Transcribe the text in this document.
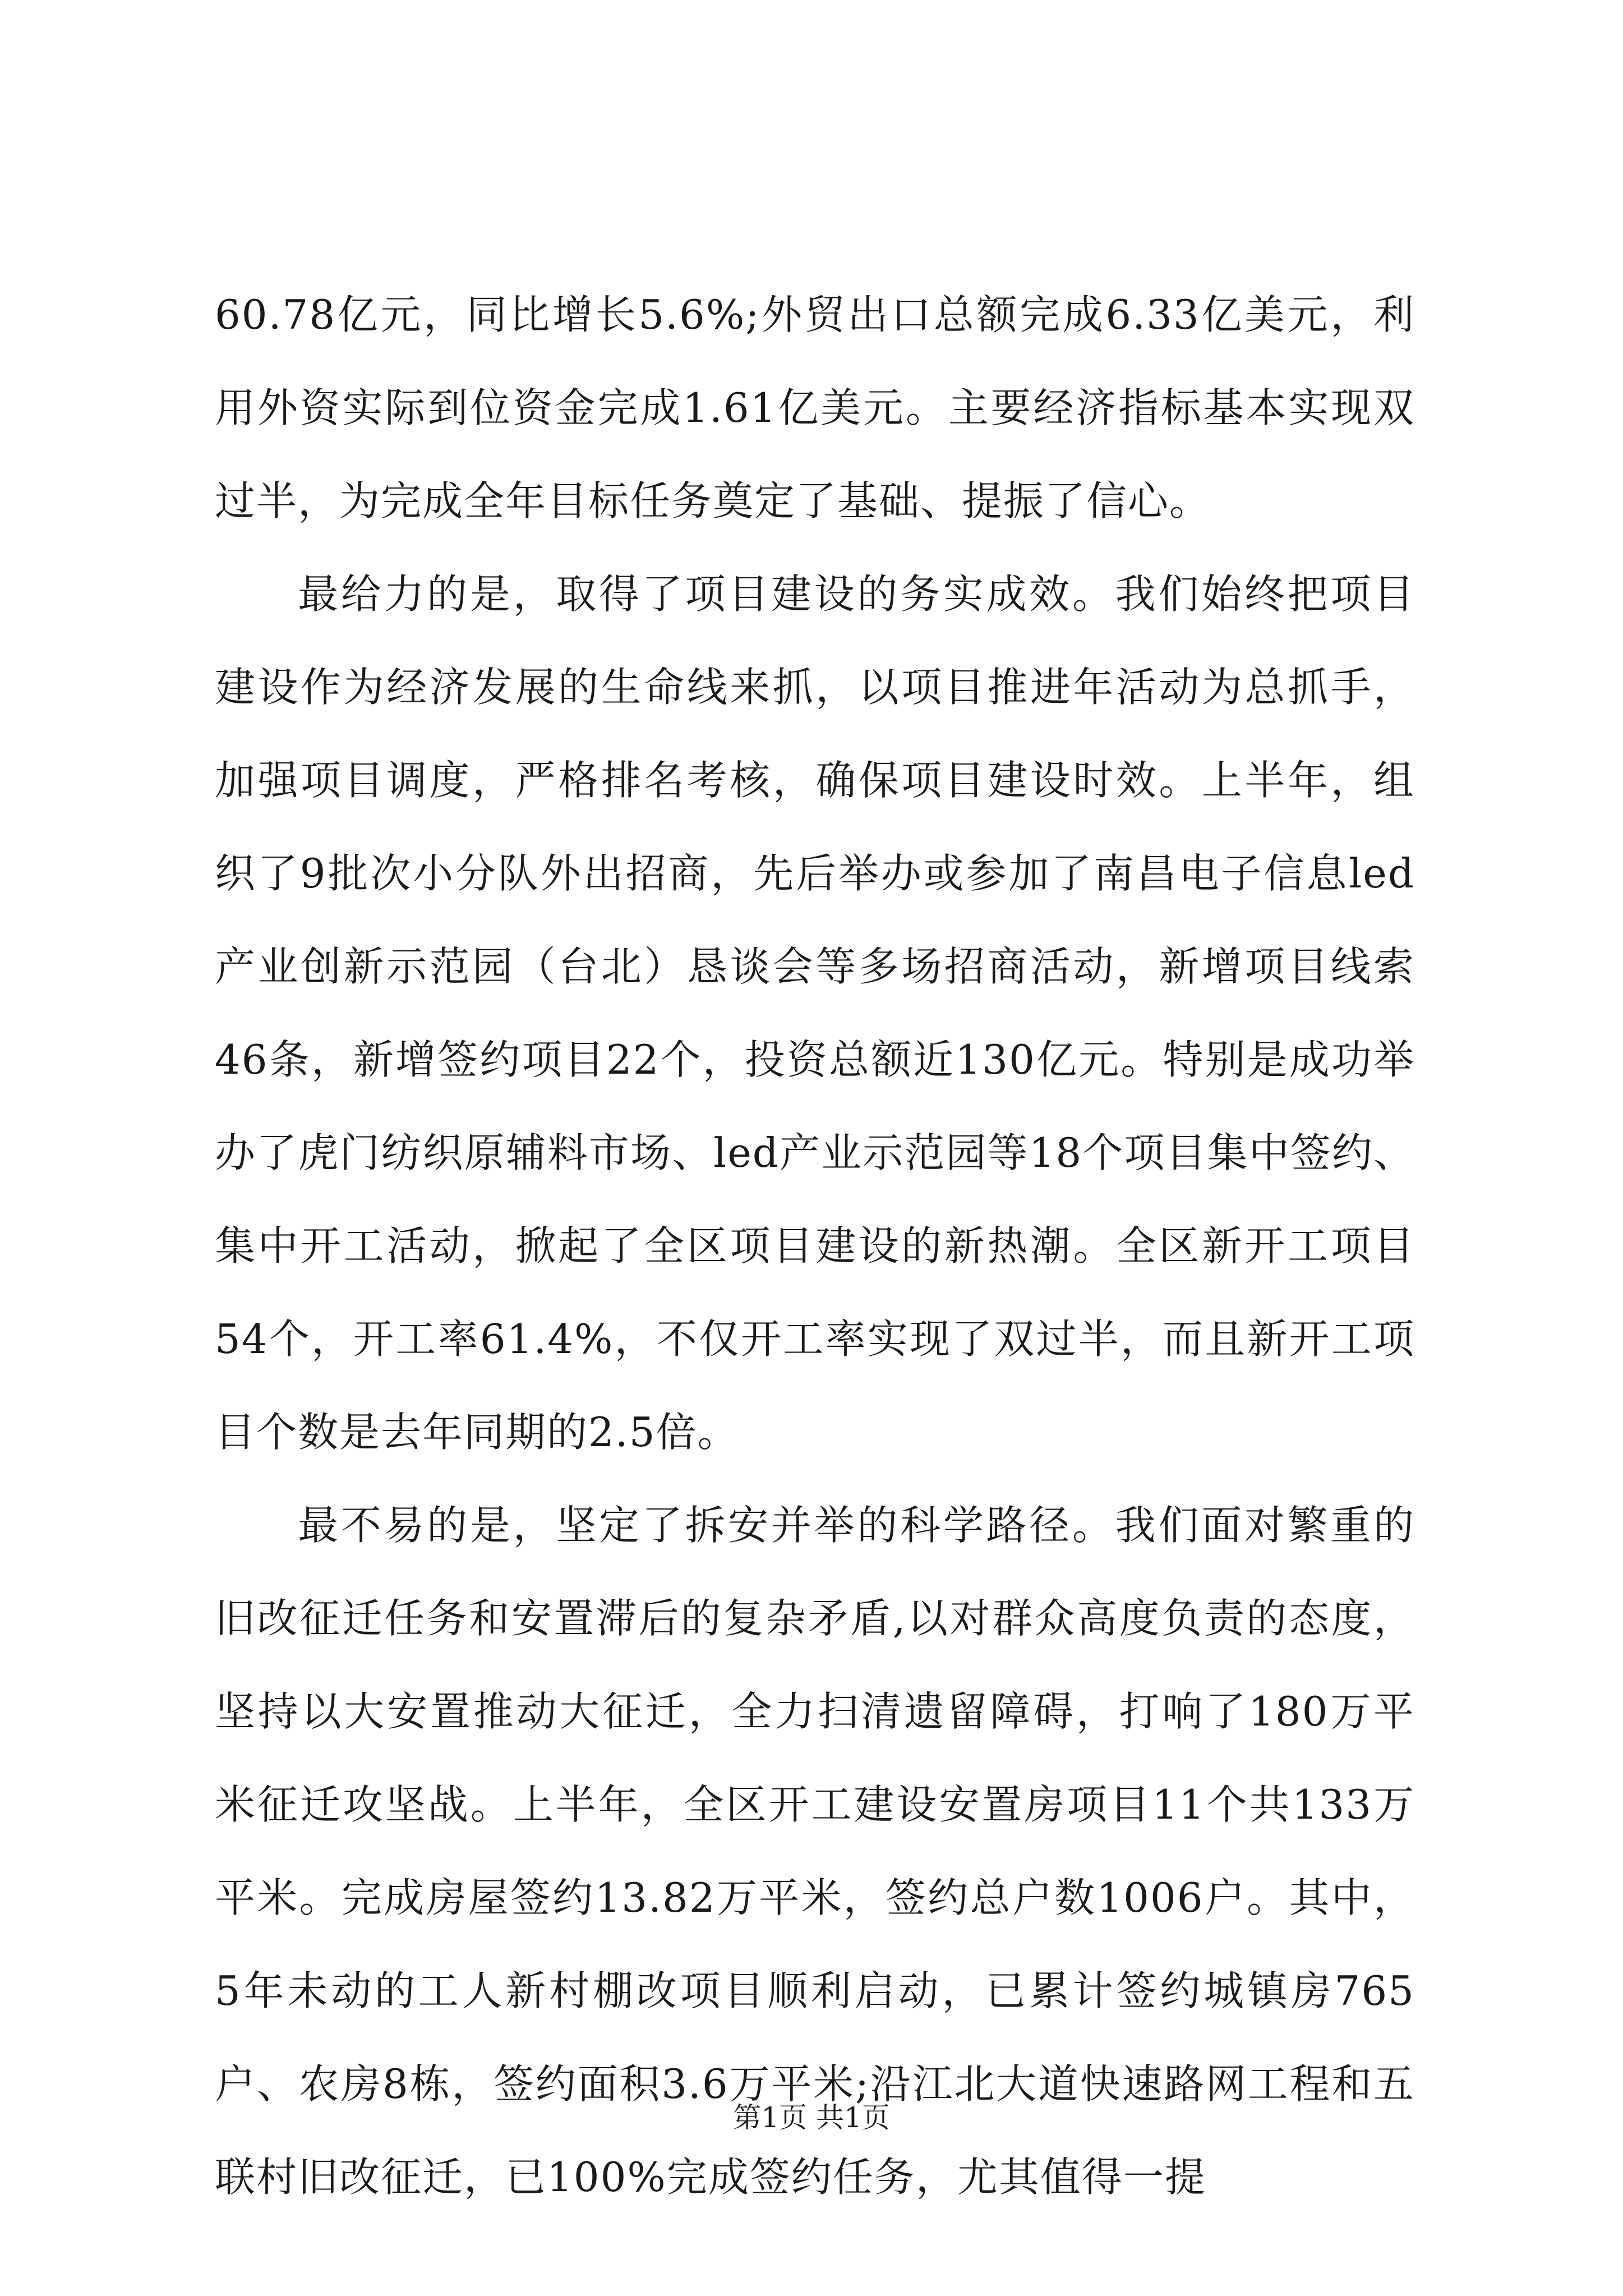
60.78亿元，同比增长5.6%;外贸出口总额完成6.33亿美元，利用外资实际到位资金完成1.61亿美元。主要经济指标基本实现双过半，为完成全年目标任务奠定了基础、提振了信心。

最给力的是，取得了项目建设的务实成效。我们始终把项目建设作为经济发展的生命线来抓，以项目推进年活动为总抓手，加强项目调度，严格排名考核，确保项目建设时效。上半年，组织了9批次小分队外出招商，先后举办或参加了南昌电子信息led产业创新示范园（台北）恳谈会等多场招商活动，新增项目线索46条，新增签约项目22个，投资总额近130亿元。特别是成功举办了虎门纺织原辅料市场、led产业示范园等18个项目集中签约、集中开工活动，掀起了全区项目建设的新热潮。全区新开工项目54个，开工率61.4%，不仅开工率实现了双过半，而且新开工项目个数是去年同期的2.5倍。

最不易的是，坚定了拆安并举的科学路径。我们面对繁重的旧改征迁任务和安置滞后的复杂矛盾,以对群众高度负责的态度，坚持以大安置推动大征迁，全力扫清遗留障碍，打响了180万平米征迁攻坚战。上半年，全区开工建设安置房项目11个共133万平米。完成房屋签约13.82万平米，签约总户数1006户。其中，5年未动的工人新村棚改项目顺利启动，已累计签约城镇房765户、农房8栋，签约面积3.6万平米;沿江北大道快速路网工程和五联村旧改征迁，已100%完成签约任务，尤其值得一提

第1页 共1页
